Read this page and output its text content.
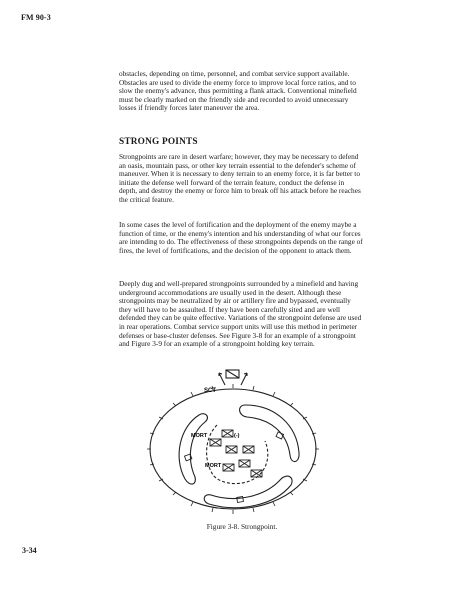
FM 90-3

obstacles, depending on time, personnel, and combat service support available. Obstacles are used to divide the enemy force to improve local force ratios, and to slow the enemy's advance, thus permitting a flank attack. Conventional minefield must be clearly marked on the friendly side and recorded to avoid unnecessary losses if friendly forces later maneuver the area.

STRONG POINTS

Strongpoints are rare in desert warfare; however, they may be necessary to defend an oasis, mountain pass, or other key terrain essential to the defender's scheme of maneuver. When it is necessary to deny terrain to an enemy force, it is far better to initiate the defense well forward of the terrain feature, conduct the defense in depth, and destroy the enemy or force him to break off his attack before he reaches the critical feature.

In some cases the level of fortification and the deployment of the enemy maybe a function of time, or the enemy's intention and his understanding of what our forces are intending to do. The effectiveness of these strongpoints depends on the range of fires, the level of fortifications, and the decision of the opponent to attack them.

Deeply dug and well-prepared strongpoints surrounded by a minefield and having underground accommodations are usually used in the desert. Although these strongpoints may be neutralized by air or artillery fire and bypassed, eventually they will have to be assaulted. If they have been carefully sited and are well defended they can be quite effective. Variations of the strongpoint defense are used in rear operations. Combat service support units will use this method in perimeter defenses or base-cluster defenses. See Figure 3-8 for an example of a strongpoint and Figure 3-9 for an example of a strongpoint holding key terrain.

SCT
MORT	(-)
MORT
Figure 3-8. Strongpoint.
3-34
